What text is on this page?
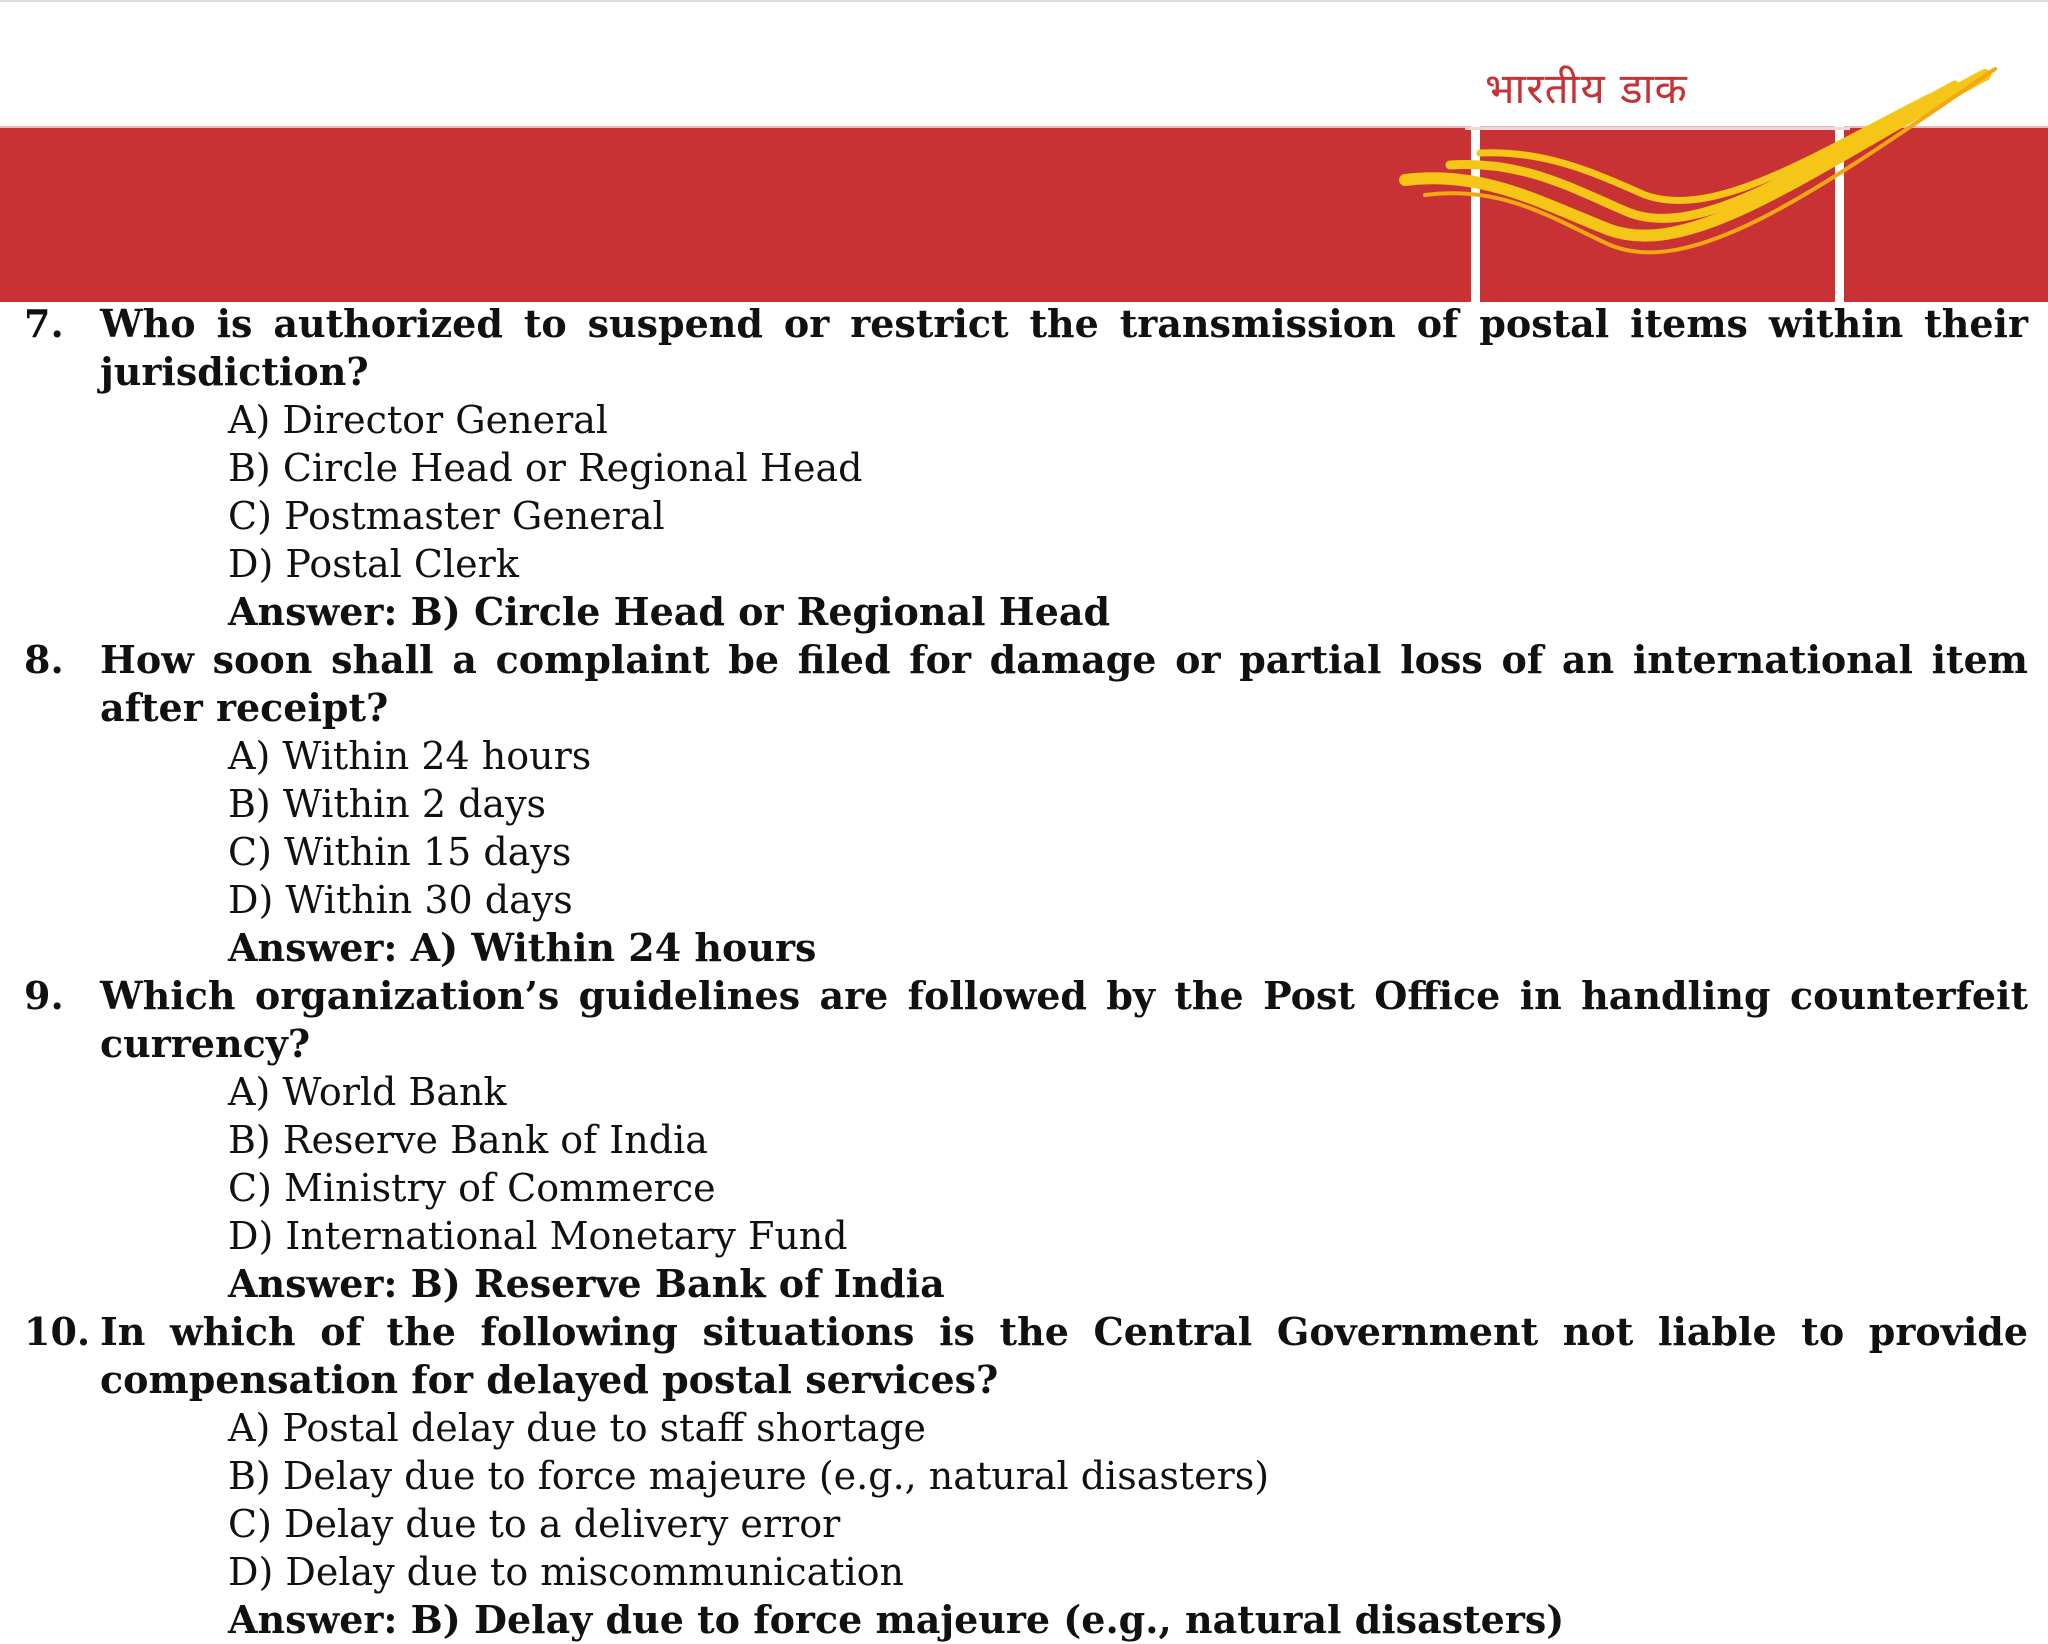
भारतीय डाक
7. Who is authorized to suspend or restrict the transmission of postal items within their jurisdiction?
A) Director General
B) Circle Head or Regional Head
C) Postmaster General
D) Postal Clerk
Answer: B) Circle Head or Regional Head
8. How soon shall a complaint be filed for damage or partial loss of an international item after receipt?
A) Within 24 hours
B) Within 2 days
C) Within 15 days
D) Within 30 days
Answer: A) Within 24 hours
9. Which organization’s guidelines are followed by the Post Office in handling counterfeit currency?
A) World Bank
B) Reserve Bank of India
C) Ministry of Commerce
D) International Monetary Fund
Answer: B) Reserve Bank of India
10. In which of the following situations is the Central Government not liable to provide compensation for delayed postal services?
A) Postal delay due to staff shortage
B) Delay due to force majeure (e.g., natural disasters)
C) Delay due to a delivery error
D) Delay due to miscommunication
Answer: B) Delay due to force majeure (e.g., natural disasters)
